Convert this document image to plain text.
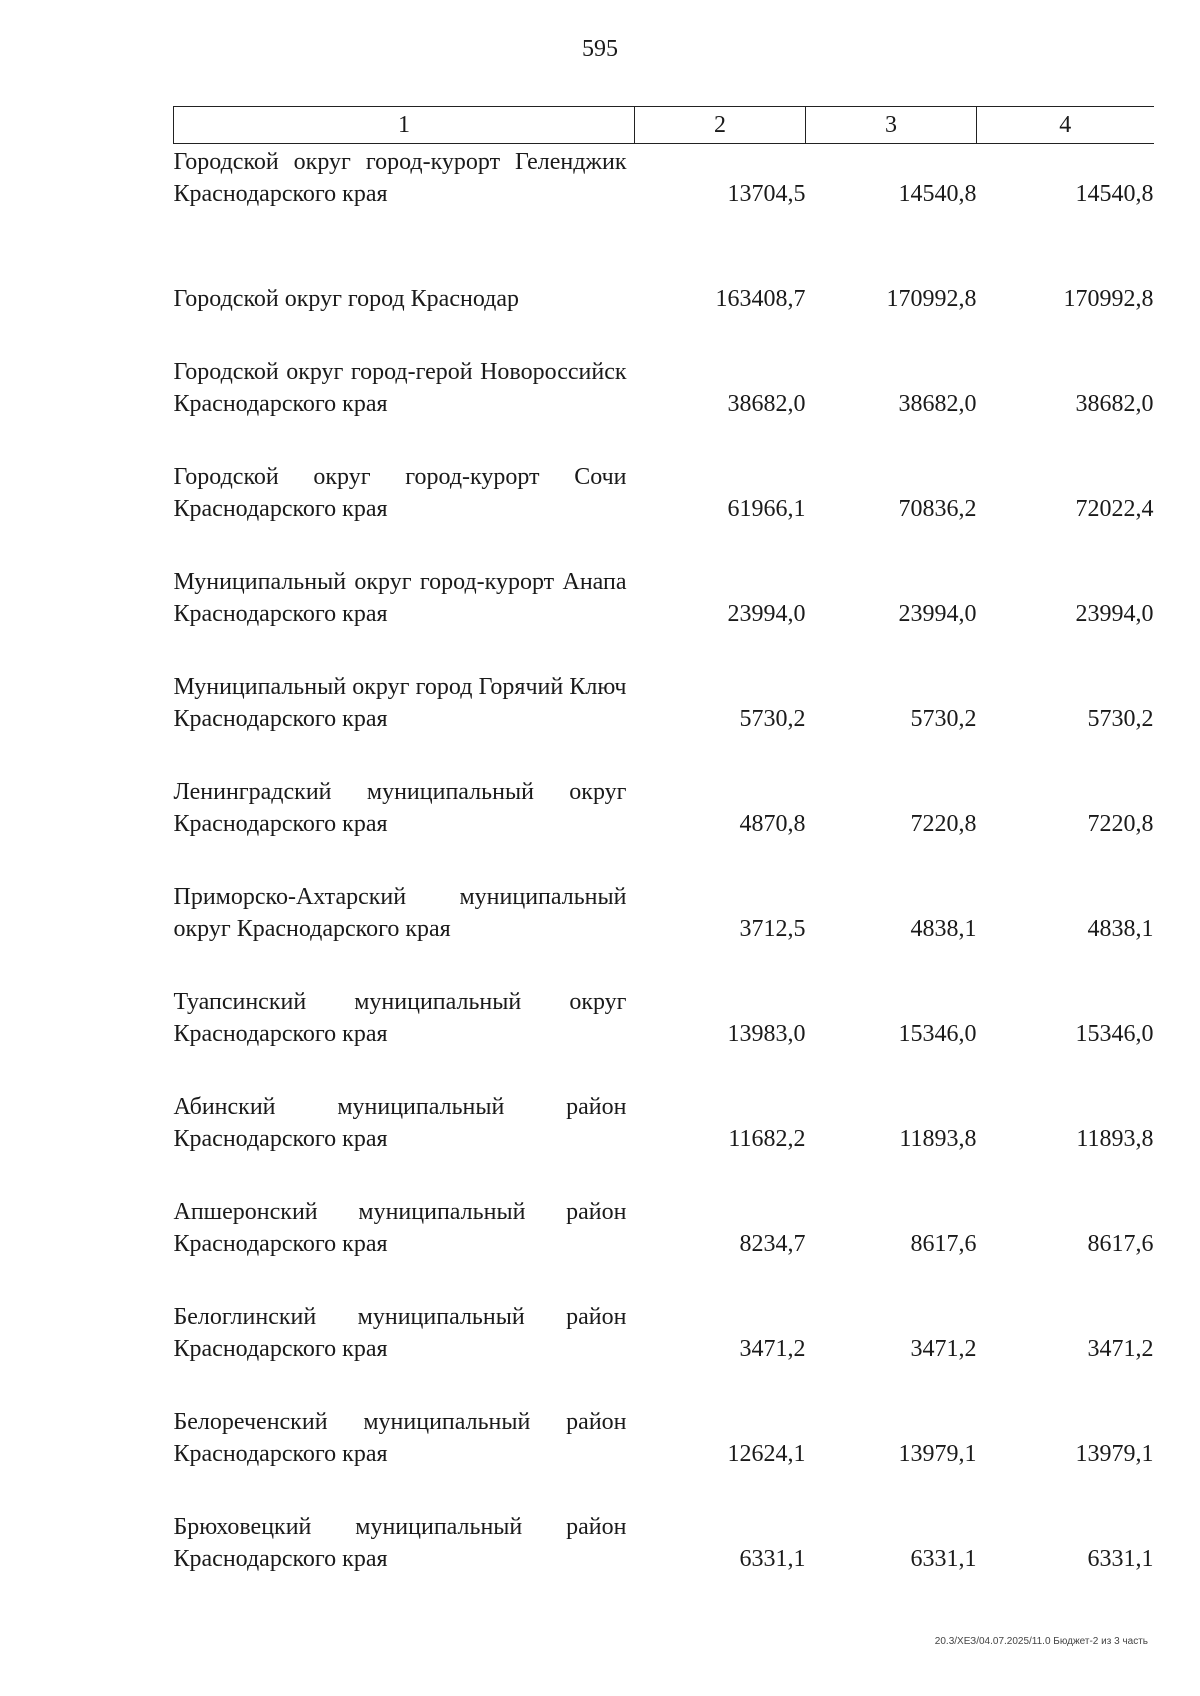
595
1	2	3	4
Городской округ город-курорт Геленджик Краснодарского края	13704,5	14540,8	14540,8
Городской округ город Краснодар	163408,7	170992,8	170992,8
Городской округ город-герой Новороссийск Краснодарского края	38682,0	38682,0	38682,0
Городской округ город-курорт Сочи Краснодарского края	61966,1	70836,2	72022,4
Муниципальный округ город-курорт Анапа Краснодарского края	23994,0	23994,0	23994,0
Муниципальный округ город Горячий Ключ Краснодарского края	5730,2	5730,2	5730,2
Ленинградский муниципальный округ Краснодарского края	4870,8	7220,8	7220,8
Приморско-Ахтарский муниципальный округ Краснодарского края	3712,5	4838,1	4838,1
Туапсинский муниципальный округ Краснодарского края	13983,0	15346,0	15346,0
Абинский муниципальный район Краснодарского края	11682,2	11893,8	11893,8
Апшеронский муниципальный район Краснодарского края	8234,7	8617,6	8617,6
Белоглинский муниципальный район Краснодарского края	3471,2	3471,2	3471,2
Белореченский муниципальный район Краснодарского края	12624,1	13979,1	13979,1
Брюховецкий муниципальный район Краснодарского края	6331,1	6331,1	6331,1
20.3/ХЕЗ/04.07.2025/11.0 Бюджет-2 из 3 часть
